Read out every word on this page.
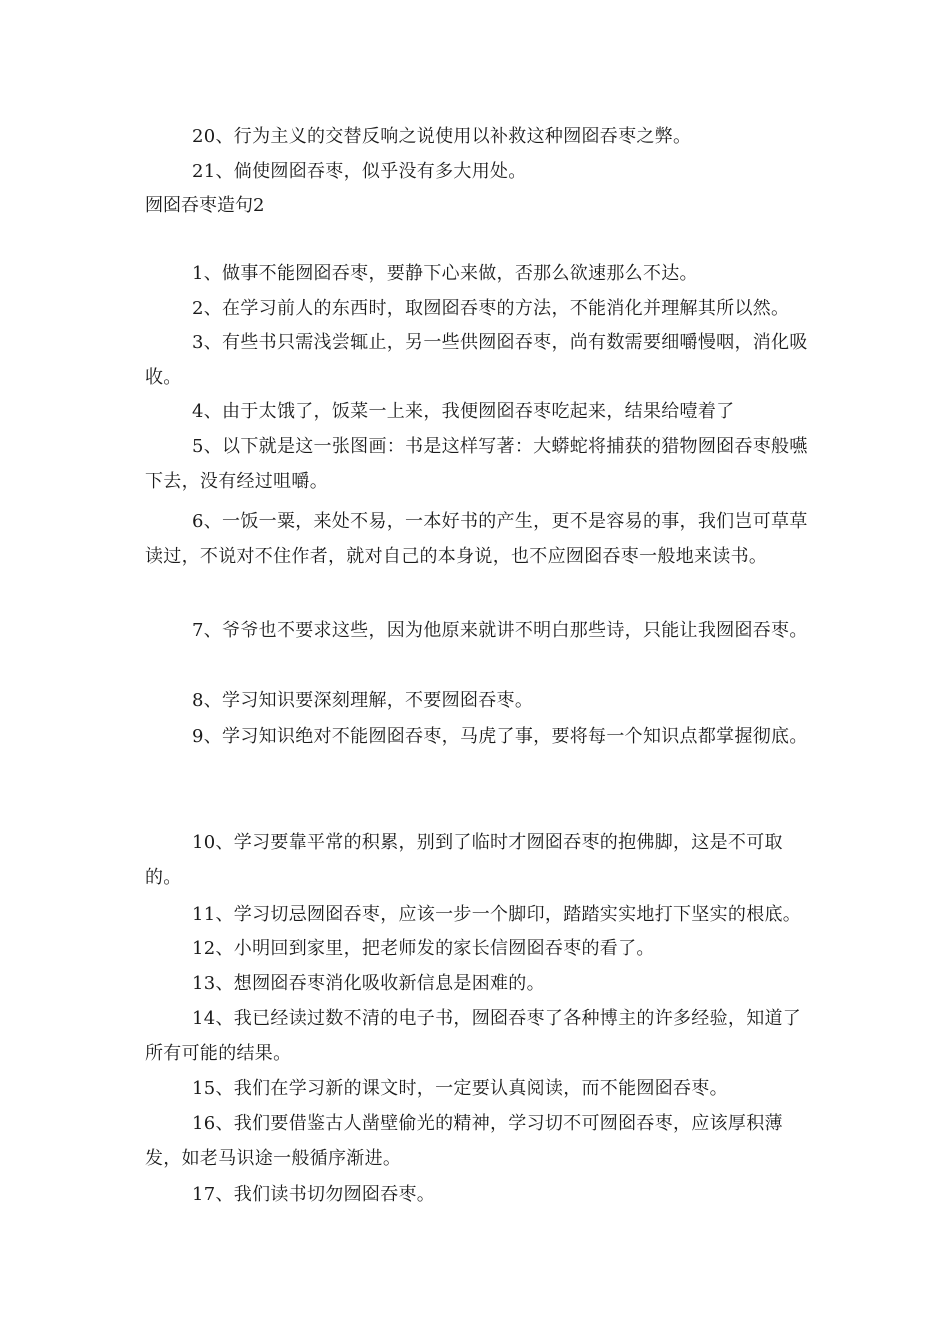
20、行为主义的交替反响之说使用以补救这种囫囵吞枣之弊。

21、倘使囫囵吞枣，似乎没有多大用处。

囫囵吞枣造句2

1、做事不能囫囵吞枣，要静下心来做，否那么欲速那么不达。

2、在学习前人的东西时，取囫囵吞枣的方法，不能消化并理解其所以然。

3、有些书只需浅尝辄止，另一些供囫囵吞枣，尚有数需要细嚼慢咽，消化吸收。

4、由于太饿了，饭菜一上来，我便囫囵吞枣吃起来，结果给噎着了

5、以下就是这一张图画：书是这样写著：大蟒蛇将捕获的猎物囫囵吞枣般嚥下去，没有经过咀嚼。

6、一饭一粟，来处不易，一本好书的产生，更不是容易的事，我们岂可草草读过，不说对不住作者，就对自己的本身说，也不应囫囵吞枣一般地来读书。

7、爷爷也不要求这些，因为他原来就讲不明白那些诗，只能让我囫囵吞枣。

8、学习知识要深刻理解，不要囫囵吞枣。

9、学习知识绝对不能囫囵吞枣，马虎了事，要将每一个知识点都掌握彻底。

10、学习要靠平常的积累，别到了临时才囫囵吞枣的抱佛脚，这是不可取的。

11、学习切忌囫囵吞枣，应该一步一个脚印，踏踏实实地打下坚实的根底。

12、小明回到家里，把老师发的家长信囫囵吞枣的看了。

13、想囫囵吞枣消化吸收新信息是困难的。

14、我已经读过数不清的电子书，囫囵吞枣了各种博主的许多经验，知道了所有可能的结果。

15、我们在学习新的课文时，一定要认真阅读，而不能囫囵吞枣。

16、我们要借鉴古人凿壁偷光的精神，学习切不可囫囵吞枣，应该厚积薄发，如老马识途一般循序渐进。

17、我们读书切勿囫囵吞枣。
